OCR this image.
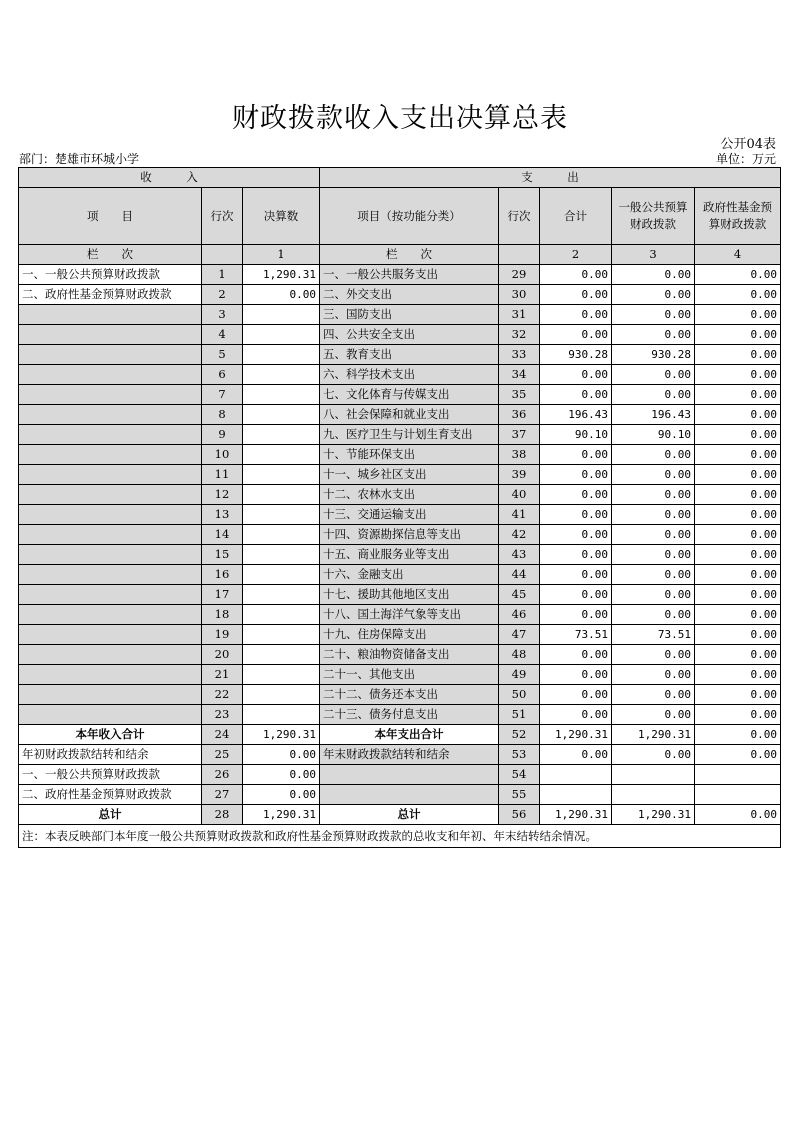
财政拨款收入支出决算总表
公开04表
部门：楚雄市环城小学	单位：万元
收　　　入			支　　　出				
项　　目	行次	决算数	项目（按功能分类）	行次	合计	一般公共预算财政拨款	政府性基金预算财政拨款
栏　　次		1	栏　　次		2	3	4
一、一般公共预算财政拨款	1	1,290.31	一、一般公共服务支出	29	0.00	0.00	0.00
二、政府性基金预算财政拨款	2	0.00	二、外交支出	30	0.00	0.00	0.00
	3		三、国防支出	31	0.00	0.00	0.00
	4		四、公共安全支出	32	0.00	0.00	0.00
	5		五、教育支出	33	930.28	930.28	0.00
	6		六、科学技术支出	34	0.00	0.00	0.00
	7		七、文化体育与传媒支出	35	0.00	0.00	0.00
	8		八、社会保障和就业支出	36	196.43	196.43	0.00
	9		九、医疗卫生与计划生育支出	37	90.10	90.10	0.00
	10		十、节能环保支出	38	0.00	0.00	0.00
	11		十一、城乡社区支出	39	0.00	0.00	0.00
	12		十二、农林水支出	40	0.00	0.00	0.00
	13		十三、交通运输支出	41	0.00	0.00	0.00
	14		十四、资源勘探信息等支出	42	0.00	0.00	0.00
	15		十五、商业服务业等支出	43	0.00	0.00	0.00
	16		十六、金融支出	44	0.00	0.00	0.00
	17		十七、援助其他地区支出	45	0.00	0.00	0.00
	18		十八、国土海洋气象等支出	46	0.00	0.00	0.00
	19		十九、住房保障支出	47	73.51	73.51	0.00
	20		二十、粮油物资储备支出	48	0.00	0.00	0.00
	21		二十一、其他支出	49	0.00	0.00	0.00
	22		二十二、债务还本支出	50	0.00	0.00	0.00
	23		二十三、债务付息支出	51	0.00	0.00	0.00
本年收入合计	24	1,290.31	本年支出合计	52	1,290.31	1,290.31	0.00
年初财政拨款结转和结余	25	0.00	年末财政拨款结转和结余	53	0.00	0.00	0.00
一、一般公共预算财政拨款	26	0.00		54			
二、政府性基金预算财政拨款	27	0.00		55			
总计	28	1,290.31	总计	56	1,290.31	1,290.31	0.00
注：本表反映部门本年度一般公共预算财政拨款和政府性基金预算财政拨款的总收支和年初、年末结转结余情况。							
